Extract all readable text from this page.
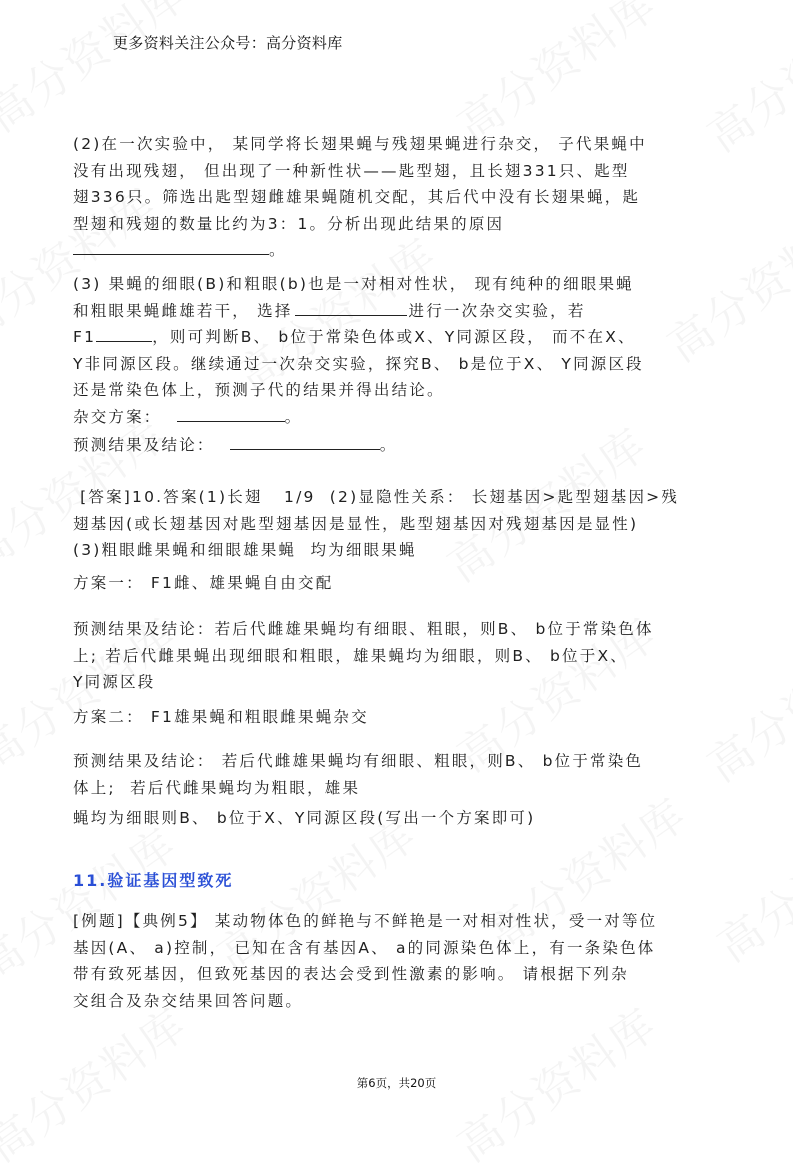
更多资料关注公众号：高分资料库
(2)在一次实验中， 某同学将长翅果蝇与残翅果蝇进行杂交， 子代果蝇中
没有出现残翅， 但出现了一种新性状——匙型翅，且长翅331只、匙型
翅336只。筛选出匙型翅雌雄果蝇随机交配，其后代中没有长翅果蝇，匙
型翅和残翅的数量比约为3：1。分析出现此结果的原因
。
(3) 果蝇的细眼(B)和粗眼(b)也是一对相对性状， 现有纯种的细眼果蝇
和粗眼果蝇雌雄若干， 选择	进行一次杂交实验，若
F1	，则可判断B、 b位于常染色体或X、Y同源区段， 而不在X、
Y非同源区段。继续通过一次杂交实验，探究B、 b是位于X、 Y同源区段
还是常染色体上，预测子代的结果并得出结论。
杂交方案：	。
预测结果及结论：	。
[答案]10.答案(1)长翅   1/9  (2)显隐性关系： 长翅基因>匙型翅基因>残
翅基因(或长翅基因对匙型翅基因是显性，匙型翅基因对残翅基因是显性)
(3)粗眼雌果蝇和细眼雄果蝇  均为细眼果蝇
方案一： F1雌、雄果蝇自由交配
预测结果及结论：若后代雌雄果蝇均有细眼、粗眼，则B、 b位于常染色体
上; 若后代雌果蝇出现细眼和粗眼，雄果蝇均为细眼，则B、 b位于X、
Y同源区段
方案二： F1雄果蝇和粗眼雌果蝇杂交
预测结果及结论： 若后代雌雄果蝇均有细眼、粗眼，则B、 b位于常染色
体上;  若后代雌果蝇均为粗眼，雄果
蝇均为细眼则B、 b位于X、Y同源区段(写出一个方案即可)
11.验证基因型致死
[例题]【典例5】 某动物体色的鲜艳与不鲜艳是一对相对性状，受一对等位
基因(A、 a)控制， 已知在含有基因A、 a的同源染色体上，有一条染色体
带有致死基因，但致死基因的表达会受到性激素的影响。 请根据下列杂
交组合及杂交结果回答问题。
第6页，共20页
